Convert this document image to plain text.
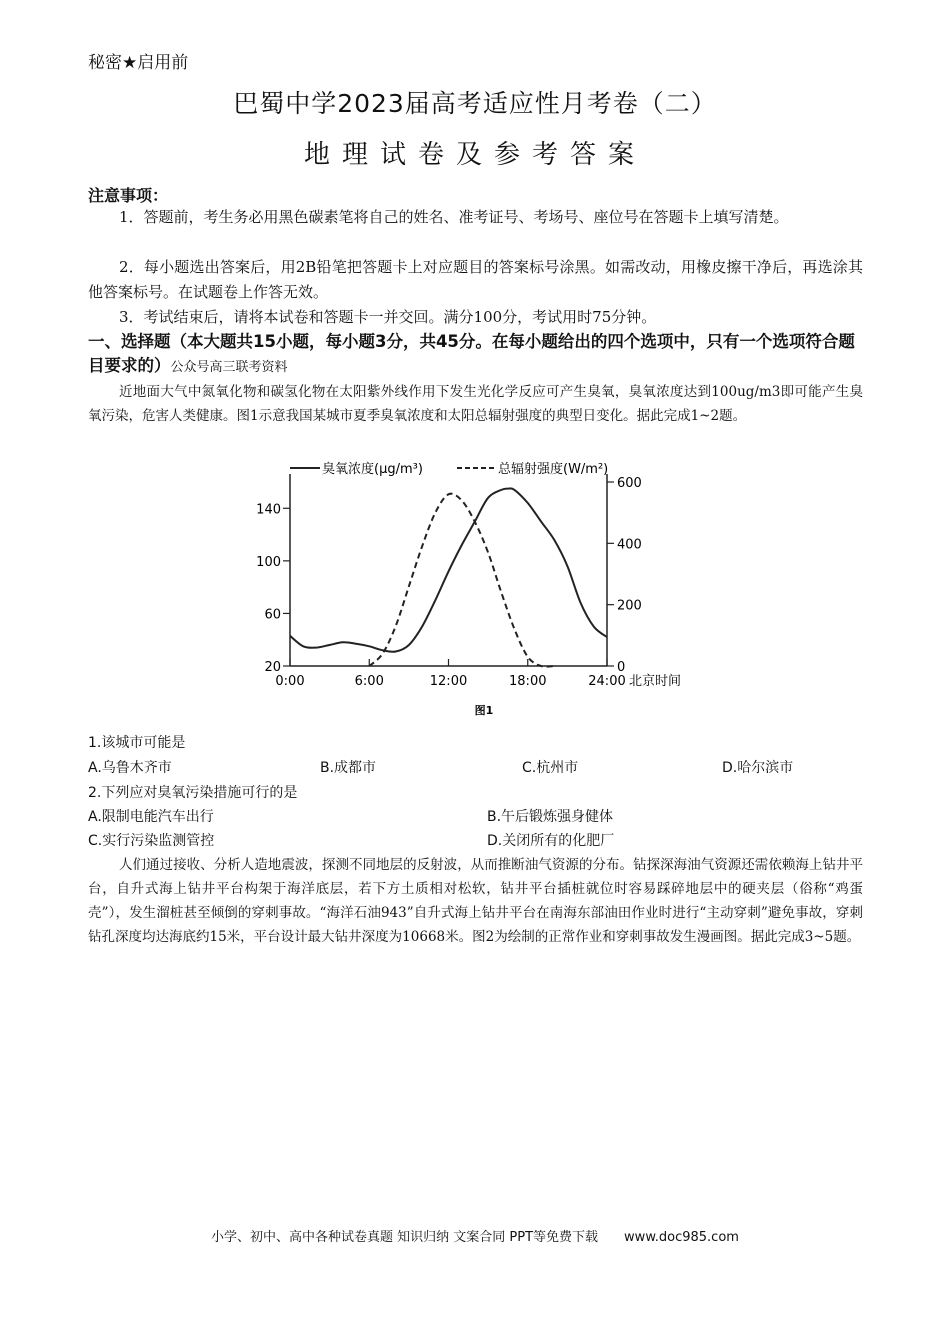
秘密★启用前
巴蜀中学2023届高考适应性月考卷（二）
地理试卷及参考答案
注意事项：
1．答题前，考生务必用黑色碳素笔将自己的姓名、准考证号、考场号、座位号在答题卡上填写清楚。
2．每小题选出答案后，用2B铅笔把答题卡上对应题目的答案标号涂黑。如需改动，用橡皮擦干净后，再选涂其他答案标号。在试题卷上作答无效。
3．考试结束后，请将本试卷和答题卡一并交回。满分100分，考试用时75分钟。
一、选择题（本大题共15小题，每小题3分，共45分。在每小题给出的四个选项中，只有一个选项符合题目要求的）公众号高三联考资料
近地面大气中氮氧化物和碳氢化物在太阳紫外线作用下发生光化学反应可产生臭氧，臭氧浓度达到100ug/m3即可能产生臭氧污染，危害人类健康。图1示意我国某城市夏季臭氧浓度和太阳总辐射强度的典型日变化。据此完成1~2题。
臭氧浓度(μg/m³)	总辐射强度(W/m²)
20
60
100
140
0
200
400
600
0:00	6:00	12:00	18:00	24:00 北京时间
图1
1.该城市可能是
A.乌鲁木齐市	B.成都市	C.杭州市	D.哈尔滨市
2.下列应对臭氧污染措施可行的是
A.限制电能汽车出行	B.午后锻炼强身健体
C.实行污染监测管控	D.关闭所有的化肥厂
人们通过接收、分析人造地震波，探测不同地层的反射波，从而推断油气资源的分布。钻探深海油气资源还需依赖海上钻井平台，自升式海上钻井平台构架于海洋底层，若下方土质相对松软，钻井平台插桩就位时容易踩碎地层中的硬夹层（俗称“鸡蛋壳”），发生溜桩甚至倾倒的穿刺事故。“海洋石油943”自升式海上钻井平台在南海东部油田作业时进行“主动穿刺”避免事故，穿刺钻孔深度均达海底约15米，平台设计最大钻井深度为10668米。图2为绘制的正常作业和穿刺事故发生漫画图。据此完成3~5题。
小学、初中、高中各种试卷真题 知识归纳 文案合同 PPT等免费下载　　www.doc985.com
